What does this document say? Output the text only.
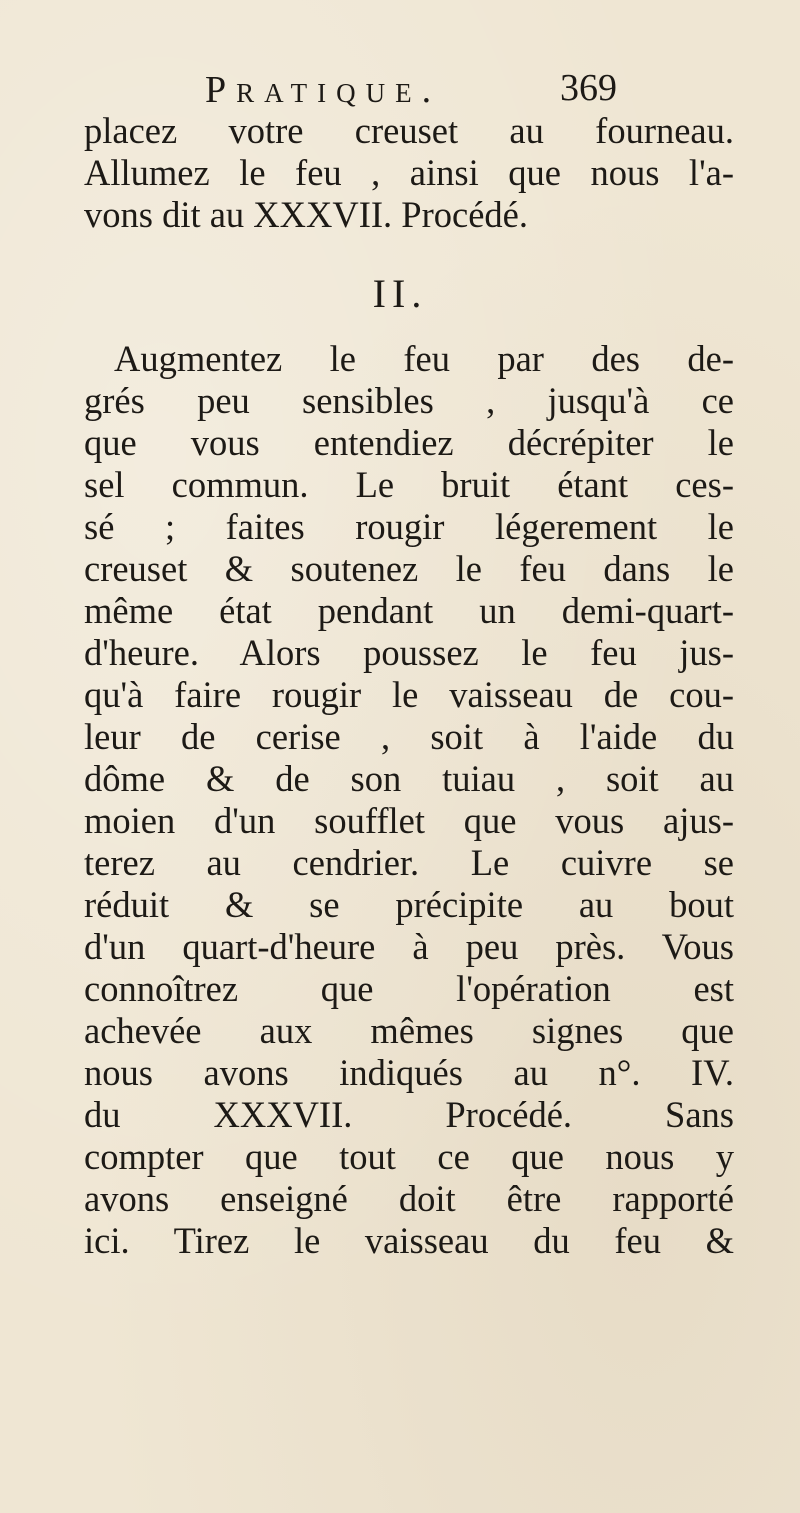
Pratique.	369
placez votre creuset au fourneau.
Allumez le feu , ainsi que nous l'a-
vons dit au XXXVII. Procédé.
II.
Augmentez le feu par des de-
grés peu sensibles , jusqu'à ce
que vous entendiez décrépiter le
sel commun. Le bruit étant ces-
sé ; faites rougir légerement le
creuset & soutenez le feu dans le
même état pendant un demi-quart-
d'heure. Alors poussez le feu jus-
qu'à faire rougir le vaisseau de cou-
leur de cerise , soit à l'aide du
dôme & de son tuiau , soit au
moien d'un soufflet que vous ajus-
terez au cendrier. Le cuivre se
réduit & se précipite au bout
d'un quart-d'heure à peu près. Vous
connoîtrez que l'opération est
achevée aux mêmes signes que
nous avons indiqués au n°. IV.
du XXXVII. Procédé. Sans
compter que tout ce que nous y
avons enseigné doit être rapporté
ici. Tirez le vaisseau du feu &
